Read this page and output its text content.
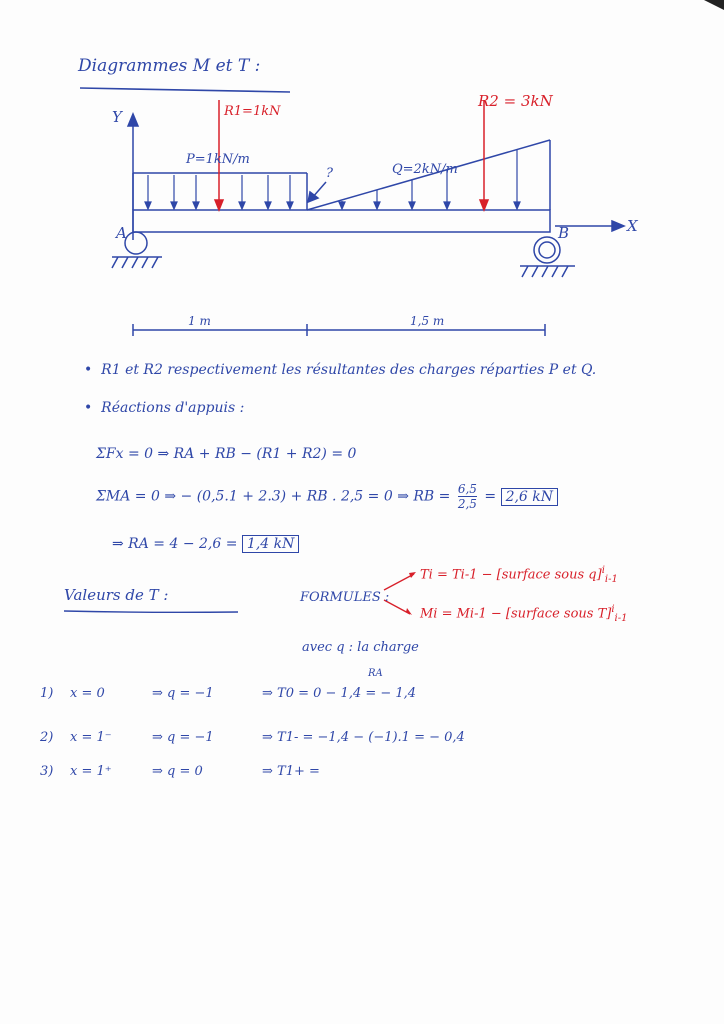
Diagrammes M et T :
Y
X
A	B
R1=1kN
R2 = 3kN
P=1kN/m
Q=2kN/m
?
1 m	1,5 m
•  R1 et R2 respectivement les résultantes des charges réparties P et Q.
•  Réactions d'appuis :
ΣFx = 0 ⇒ RA + RB − (R1 + R2) = 0
ΣMA = 0 ⇒ − (0,5.1 + 2.3) + RB . 2,5 = 0 ⇒ RB = $\frac{6,5}{2,5} = 2,6$ kN
⇒ RA = 4 − 2,6 = 1,4 kN
Valeurs de T :	FORMULES :
Ti = Ti-1 − [surface sous q]$^i_{i-1}$
Mi = Mi-1 − [surface sous T]$^i_{i-1}$
avec q : la charge
RA
1) x = 0	⇒ q = −1	⇒ T0 = 0 − 1,4 = − 1,4
2) x = 1⁻	⇒ q = −1	⇒ T1- = −1,4 − (−1).1 = − 0,4
3) x = 1⁺	⇒ q = 0	⇒ T1+ =
